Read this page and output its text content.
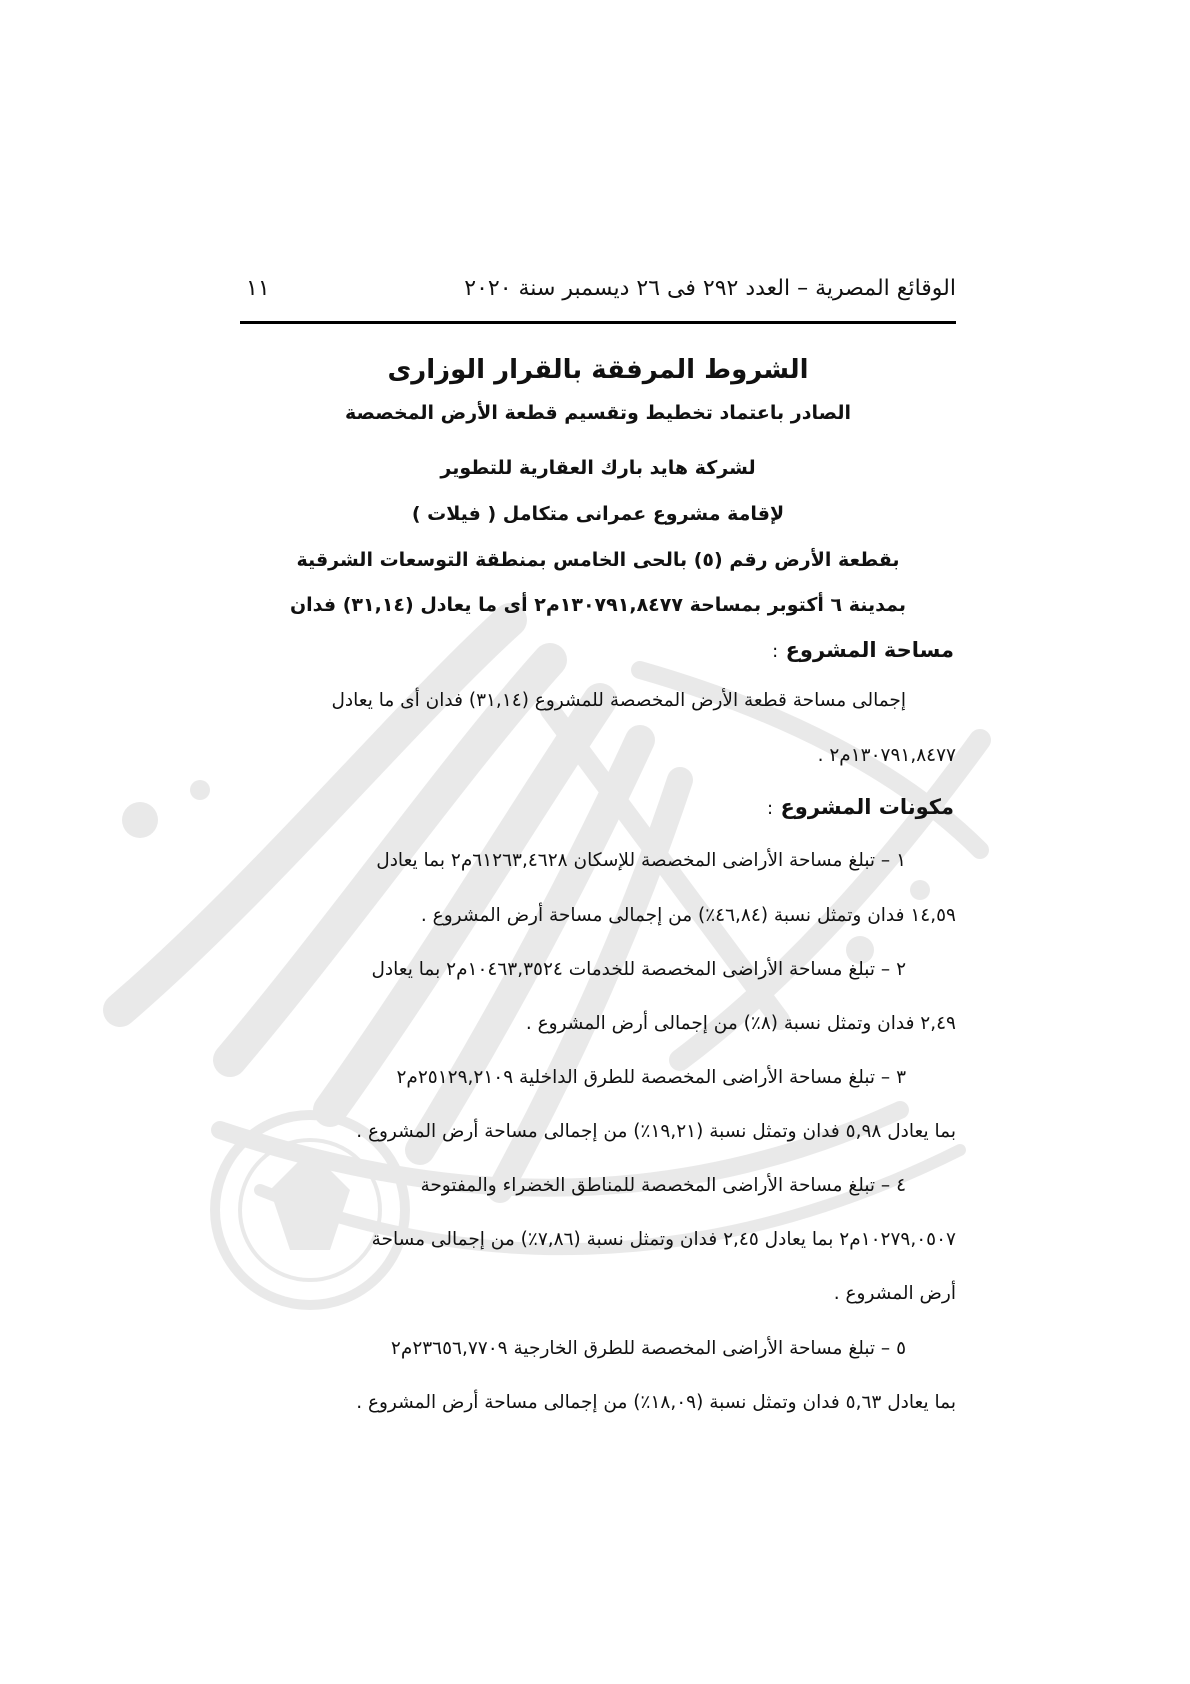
الوقائع المصرية – العدد ٢٩٢ فى ٢٦ ديسمبر سنة ٢٠٢٠
١١
الشروط المرفقة بالقرار الوزارى
الصادر باعتماد تخطيط وتقسيم قطعة الأرض المخصصة
لشركة هايد بارك العقارية للتطوير
لإقامة مشروع عمرانى متكامل ( فيلات )
بقطعة الأرض رقم (٥) بالحى الخامس بمنطقة التوسعات الشرقية
بمدينة ٦ أكتوبر بمساحة ١٣٠٧٩١,٨٤٧٧م٢ أى ما يعادل (٣١,١٤) فدان
مساحة المشروع :
إجمالى مساحة قطعة الأرض المخصصة للمشروع (٣١,١٤) فدان أى ما يعادل
١٣٠٧٩١,٨٤٧٧م٢ .
مكونات المشروع :
١ – تبلغ مساحة الأراضى المخصصة للإسكان ٦١٢٦٣,٤٦٢٨م٢ بما يعادل
١٤,٥٩ فدان وتمثل نسبة (٤٦,٨٤٪) من إجمالى مساحة أرض المشروع .
٢ – تبلغ مساحة الأراضى المخصصة للخدمات ١٠٤٦٣,٣٥٢٤م٢ بما يعادل
٢,٤٩ فدان وتمثل نسبة (٨٪) من إجمالى أرض المشروع .
٣ – تبلغ مساحة الأراضى المخصصة للطرق الداخلية ٢٥١٢٩,٢١٠٩م٢
بما يعادل ٥,٩٨ فدان وتمثل نسبة (١٩,٢١٪) من إجمالى مساحة أرض المشروع .
٤ – تبلغ مساحة الأراضى المخصصة للمناطق الخضراء والمفتوحة
١٠٢٧٩,٠٥٠٧م٢ بما يعادل ٢,٤٥ فدان وتمثل نسبة (٧,٨٦٪) من إجمالى مساحة
أرض المشروع .
٥ – تبلغ مساحة الأراضى المخصصة للطرق الخارجية ٢٣٦٥٦,٧٧٠٩م٢
بما يعادل ٥,٦٣ فدان وتمثل نسبة (١٨,٠٩٪) من إجمالى مساحة أرض المشروع .
